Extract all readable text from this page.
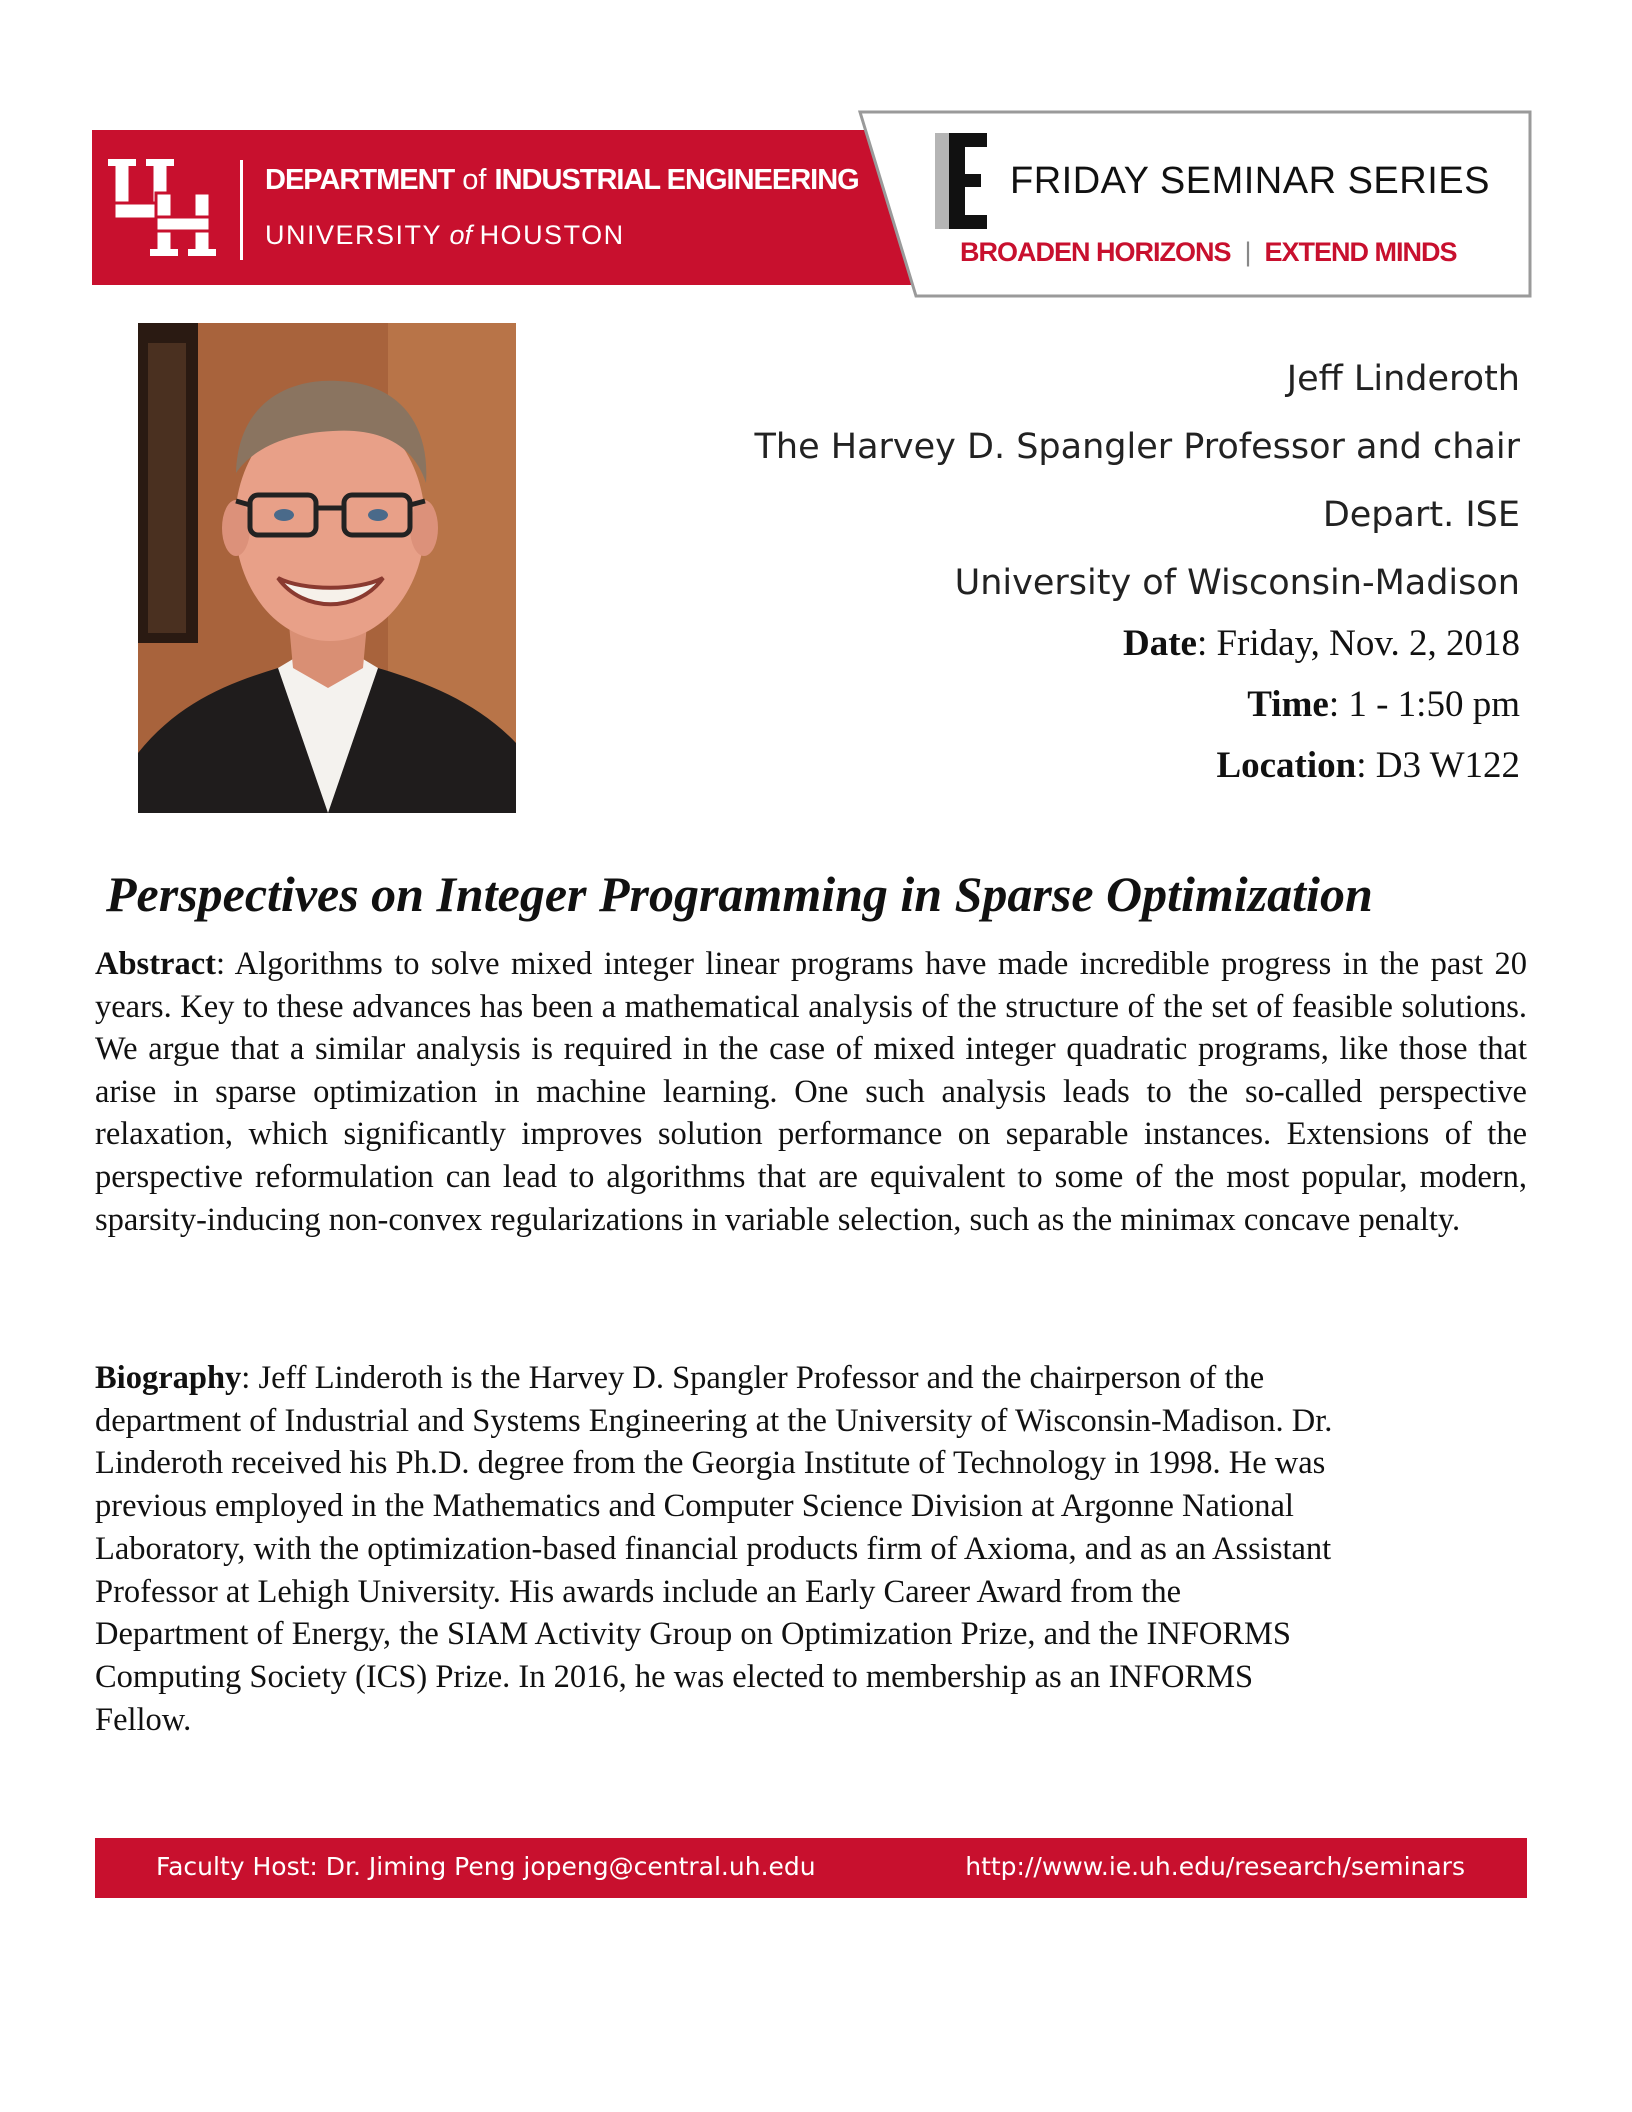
DEPARTMENT of INDUSTRIAL ENGINEERING
UNIVERSITY of HOUSTON
FRIDAY SEMINAR SERIES
BROADEN HORIZONS | EXTEND MINDS
Jeff Linderoth
The Harvey D. Spangler Professor and chair
Depart. ISE
University of Wisconsin-Madison
Date: Friday, Nov. 2, 2018
Time: 1 - 1:50 pm
Location: D3 W122
Perspectives on Integer Programming in Sparse Optimization
Abstract: Algorithms to solve mixed integer linear programs have made incredible progress in the past 20 years. Key to these advances has been a mathematical analysis of the structure of the set of feasible solutions. We argue that a similar analysis is required in the case of mixed integer quadratic programs, like those that arise in sparse optimization in machine learning. One such analysis leads to the so-called perspective relaxation, which significantly improves solution performance on separable instances. Extensions of the perspective reformulation can lead to algorithms that are equivalent to some of the most popular, modern, sparsity-inducing non-convex regularizations in variable selection, such as the minimax concave penalty.
Biography: Jeff Linderoth is the Harvey D. Spangler Professor and the chairperson of the
department of Industrial and Systems Engineering at the University of Wisconsin-Madison. Dr.
Linderoth received his Ph.D. degree from the Georgia Institute of Technology in 1998. He was
previous employed in the Mathematics and Computer Science Division at Argonne National
Laboratory, with the optimization-based financial products firm of Axioma, and as an Assistant
Professor at Lehigh University. His awards include an Early Career Award from the
Department of Energy, the SIAM Activity Group on Optimization Prize, and the INFORMS
Computing Society (ICS) Prize. In 2016, he was elected to membership as an INFORMS
Fellow.
Faculty Host: Dr. Jiming Peng jopeng@central.uh.edu	http://www.ie.uh.edu/research/seminars
